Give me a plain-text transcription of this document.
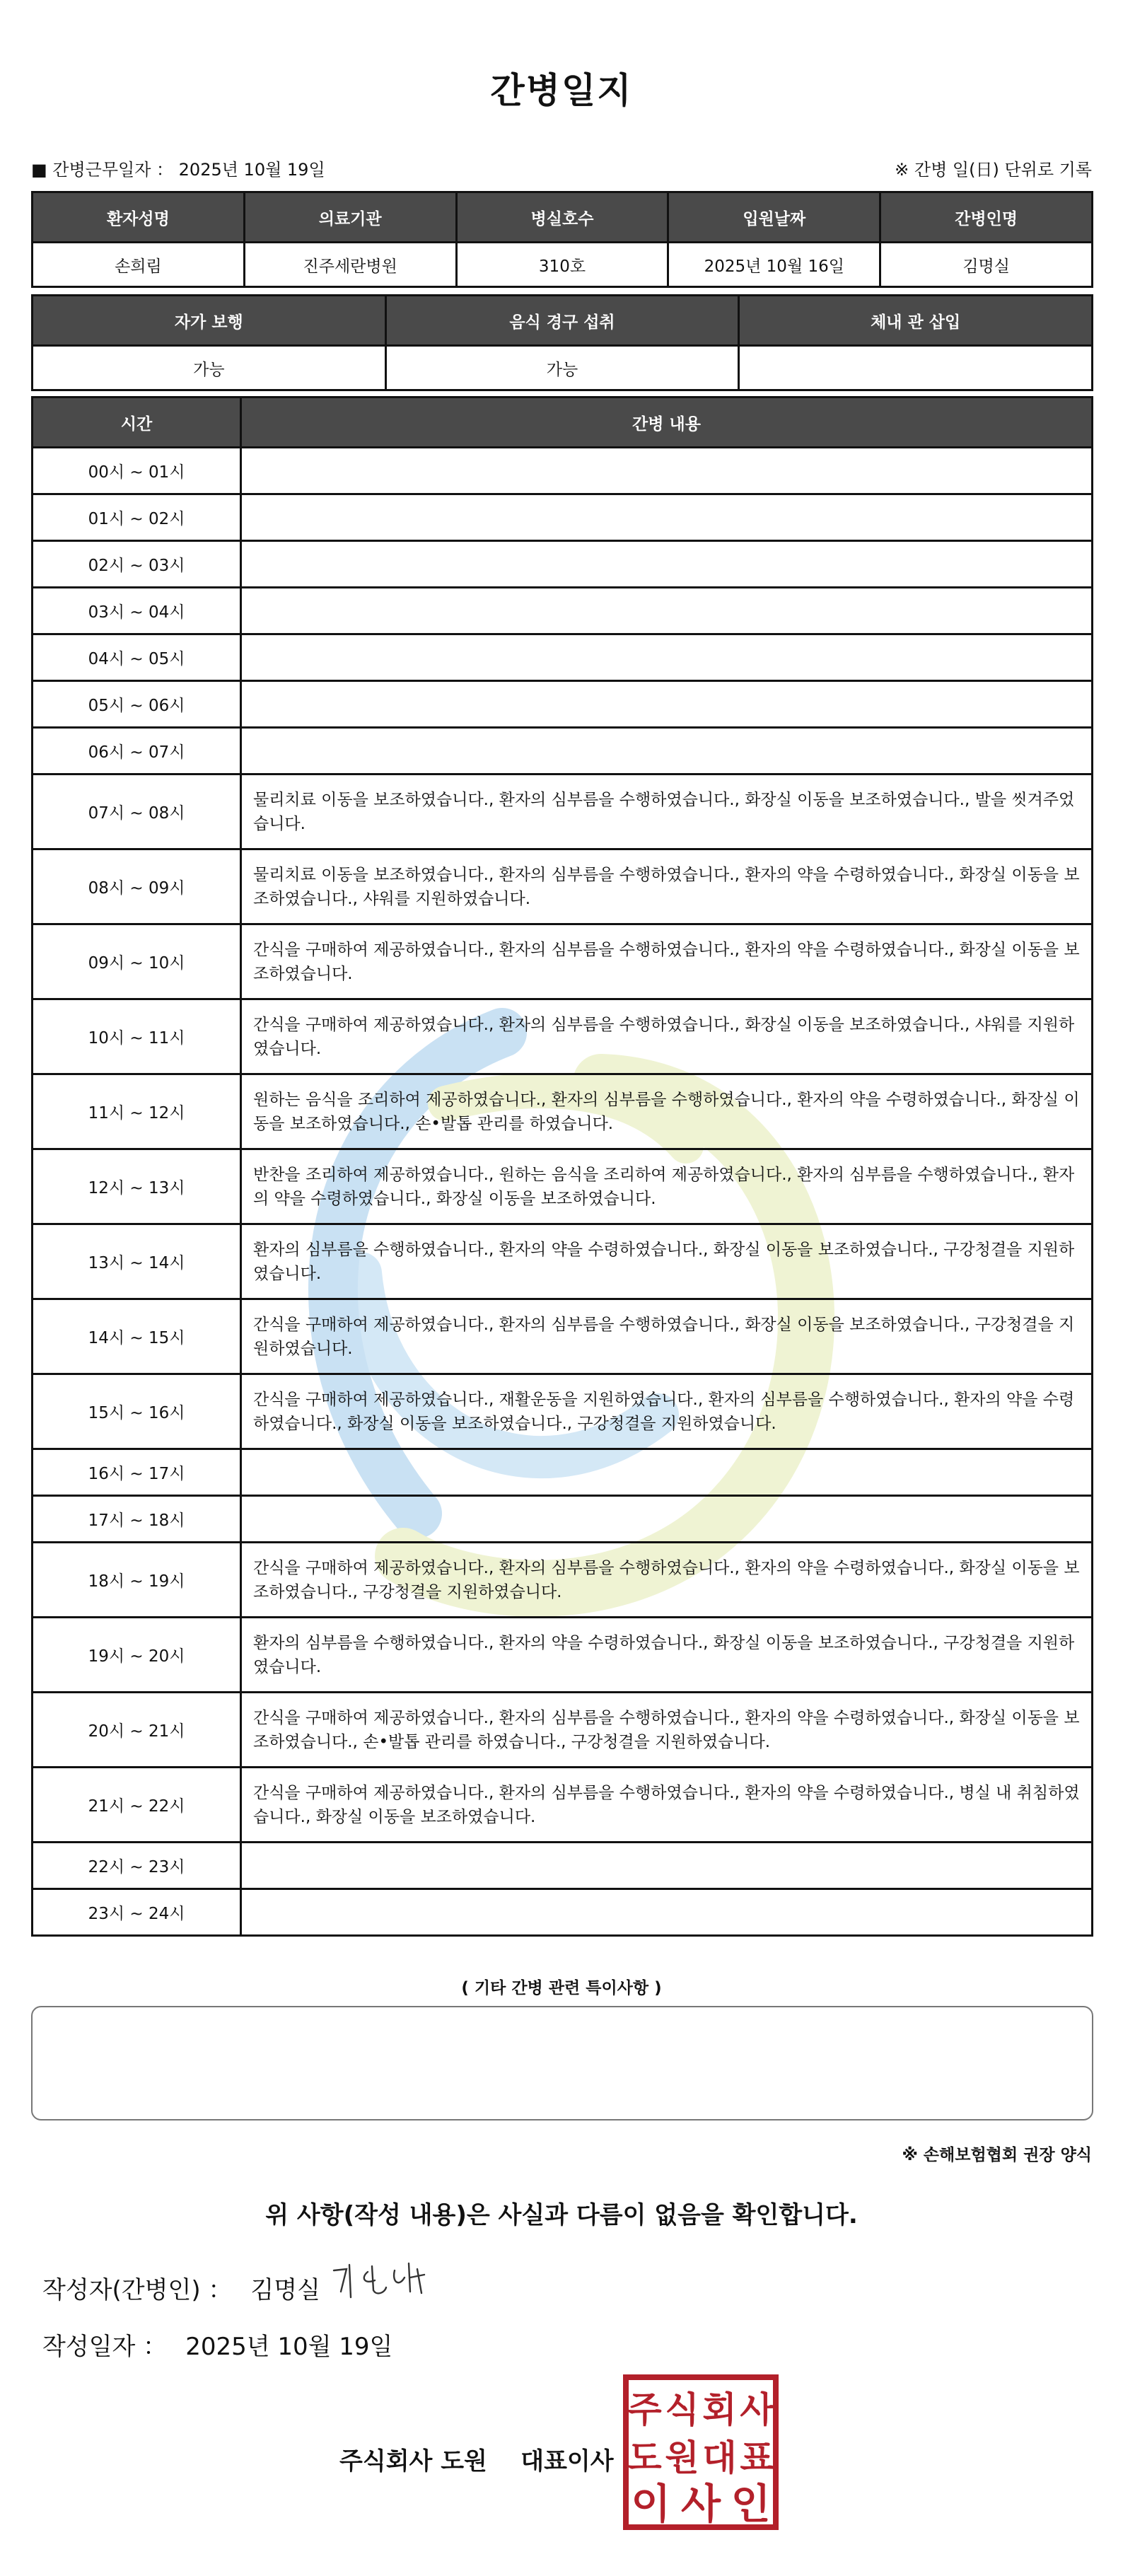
간병일지
■ 간병근무일자 ： 2025년 10월 19일	※ 간병 일(日) 단위로 기록
환자성명	의료기관	병실호수	입원날짜	간병인명
손희림	진주세란병원	310호	2025년 10월 16일	김명실
자가 보행	음식 경구 섭취	체내 관 삽입
가능	가능	
시간	간병 내용
00시 ~ 01시	
01시 ~ 02시	
02시 ~ 03시	
03시 ~ 04시	
04시 ~ 05시	
05시 ~ 06시	
06시 ~ 07시	
07시 ~ 08시	물리치료 이동을 보조하였습니다., 환자의 심부름을 수행하였습니다., 화장실 이동을 보조하였습니다., 발을 씻겨주었습니다.
08시 ~ 09시	물리치료 이동을 보조하였습니다., 환자의 심부름을 수행하였습니다., 환자의 약을 수령하였습니다., 화장실 이동을 보조하였습니다., 샤워를 지원하였습니다.
09시 ~ 10시	간식을 구매하여 제공하였습니다., 환자의 심부름을 수행하였습니다., 환자의 약을 수령하였습니다., 화장실 이동을 보조하였습니다.
10시 ~ 11시	간식을 구매하여 제공하였습니다., 환자의 심부름을 수행하였습니다., 화장실 이동을 보조하였습니다., 샤워를 지원하였습니다.
11시 ~ 12시	원하는 음식을 조리하여 제공하였습니다., 환자의 심부름을 수행하였습니다., 환자의 약을 수령하였습니다., 화장실 이동을 보조하였습니다., 손•발톱 관리를 하였습니다.
12시 ~ 13시	반찬을 조리하여 제공하였습니다., 원하는 음식을 조리하여 제공하였습니다., 환자의 심부름을 수행하였습니다., 환자의 약을 수령하였습니다., 화장실 이동을 보조하였습니다.
13시 ~ 14시	환자의 심부름을 수행하였습니다., 환자의 약을 수령하였습니다., 화장실 이동을 보조하였습니다., 구강청결을 지원하였습니다.
14시 ~ 15시	간식을 구매하여 제공하였습니다., 환자의 심부름을 수행하였습니다., 화장실 이동을 보조하였습니다., 구강청결을 지원하였습니다.
15시 ~ 16시	간식을 구매하여 제공하였습니다., 재활운동을 지원하였습니다., 환자의 심부름을 수행하였습니다., 환자의 약을 수령하였습니다., 화장실 이동을 보조하였습니다., 구강청결을 지원하였습니다.
16시 ~ 17시	
17시 ~ 18시	
18시 ~ 19시	간식을 구매하여 제공하였습니다., 환자의 심부름을 수행하였습니다., 환자의 약을 수령하였습니다., 화장실 이동을 보조하였습니다., 구강청결을 지원하였습니다.
19시 ~ 20시	환자의 심부름을 수행하였습니다., 환자의 약을 수령하였습니다., 화장실 이동을 보조하였습니다., 구강청결을 지원하였습니다.
20시 ~ 21시	간식을 구매하여 제공하였습니다., 환자의 심부름을 수행하였습니다., 환자의 약을 수령하였습니다., 화장실 이동을 보조하였습니다., 손•발톱 관리를 하였습니다., 구강청결을 지원하였습니다.
21시 ~ 22시	간식을 구매하여 제공하였습니다., 환자의 심부름을 수행하였습니다., 환자의 약을 수령하였습니다., 병실 내 취침하였습니다., 화장실 이동을 보조하였습니다.
22시 ~ 23시	
23시 ~ 24시	
( 기타 간병 관련 특이사항 )
※ 손해보험협회 권장 양식
위 사항(작성 내용)은 사실과 다름이 없음을 확인합니다.
작성자(간병인) ： 김명실
작성일자 ： 2025년 10월 19일
주식회사 도원    대표이사
주 식 회 사
도 원 대 표
이 사 인
